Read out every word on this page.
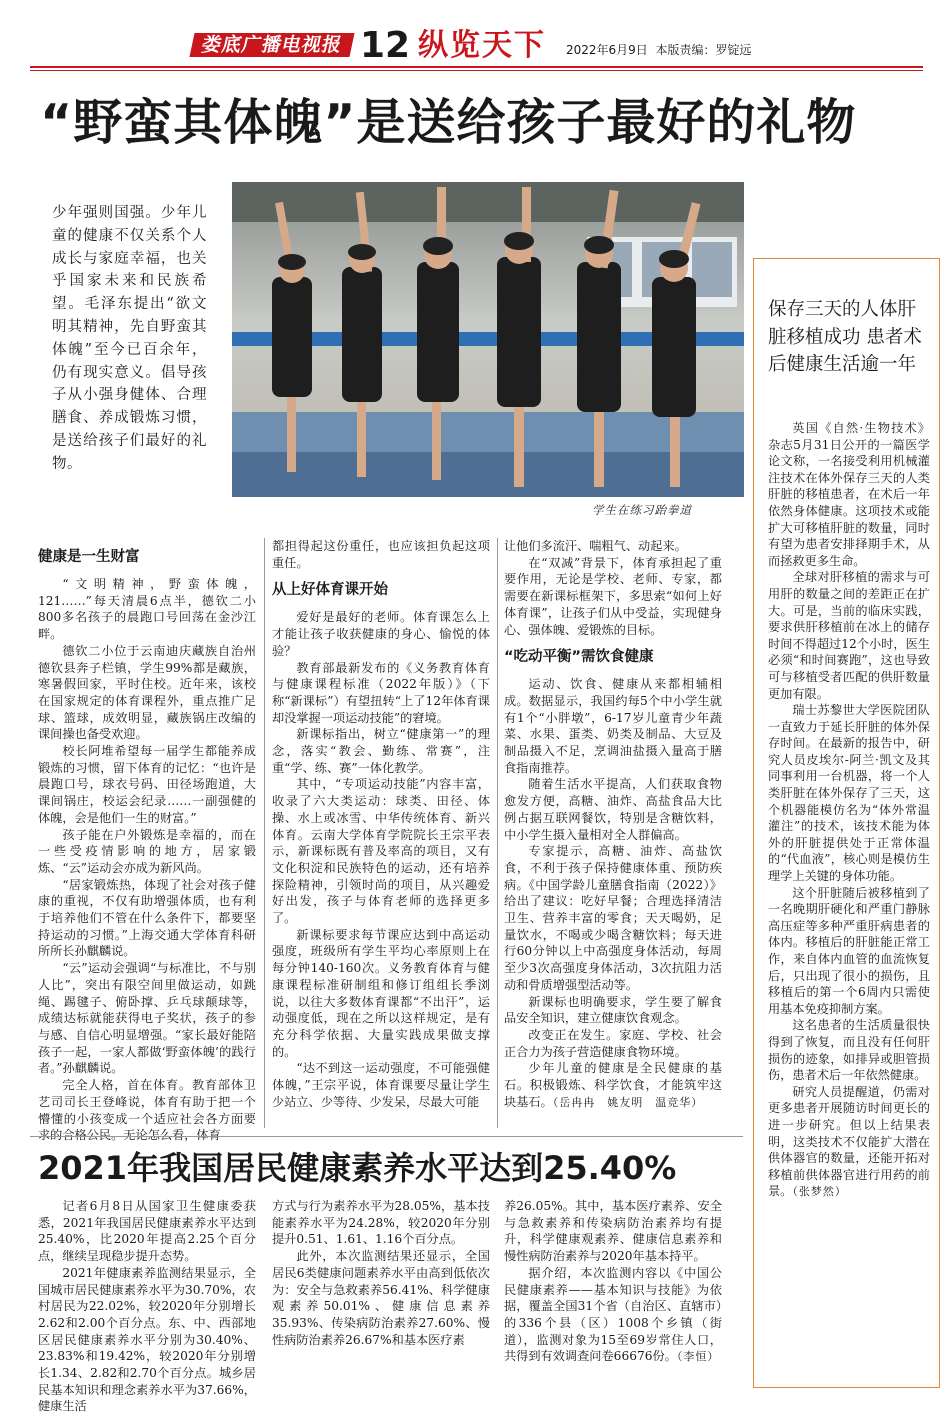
娄底广播电视报 12 纵览天下 2022年6月9日 本版责编：罗锭远
“野蛮其体魄”是送给孩子最好的礼物
少年强则国强。少年儿童的健康不仅关系个人成长与家庭幸福，也关乎国家未来和民族希望。毛泽东提出“欲文明其精神，先自野蛮其体魄”至今已百余年，仍有现实意义。倡导孩子从小强身健体、合理膳食、养成锻炼习惯，是送给孩子们最好的礼物。
学生在练习跆拳道
健康是一生财富

“文明精神，野蛮体魄，121……”每天清晨6点半，德钦二小800多名孩子的晨跑口号回荡在金沙江畔。

德钦二小位于云南迪庆藏族自治州德钦县奔子栏镇，学生99%都是藏族，寒暑假回家，平时住校。近年来，该校在国家规定的体育课程外，重点推广足球、篮球，成效明显，藏族锅庄改编的课间操也备受欢迎。

校长阿堆希望每一届学生都能养成锻炼的习惯，留下体育的记忆：“也许是晨跑口号，球衣号码、田径场跑道，大课间锅庄，校运会纪录……一副强健的体魄，会是他们一生的财富。”

孩子能在户外锻炼是幸福的，而在一些受疫情影响的地方，居家锻炼、“云”运动会亦成为新风尚。

“居家锻炼热，体现了社会对孩子健康的重视，不仅有助增强体质，也有利于培养他们不管在什么条件下，都要坚持运动的习惯。”上海交通大学体育科研所所长孙麒麟说。

“云”运动会强调“与标准比，不与别人比”，突出有限空间里做运动，如跳绳、踢毽子、俯卧撑、乒乓球颠球等，成绩达标就能获得电子奖状，孩子的参与感、自信心明显增强。“家长最好能陪孩子一起，一家人都做‘野蛮体魄’的践行者。”孙麒麟说。

完全人格，首在体育。教育部体卫艺司司长王登峰说，体育有助于把一个懵懂的小孩变成一个适应社会各方面要求的合格公民。无论怎么看，体育

都担得起这份重任，也应该担负起这项重任。

从上好体育课开始

爱好是最好的老师。体育课怎么上才能让孩子收获健康的身心、愉悦的体验？

教育部最新发布的《义务教育体育与健康课程标准（2022年版）》（下称“新课标”）有望扭转“上了12年体育课却没掌握一项运动技能”的窘境。

新课标指出，树立“健康第一”的理念，落实“教会、勤练、常赛”，注重“学、练、赛”一体化教学。

其中，“专项运动技能”内容丰富，收录了六大类运动：球类、田径、体操、水上或冰雪、中华传统体育、新兴体育。云南大学体育学院院长王宗平表示，新课标既有普及率高的项目，又有文化积淀和民族特色的运动，还有培养探险精神，引领时尚的项目，从兴趣爱好出发，孩子与体育老师的选择更多了。

新课标要求每节课应达到中高运动强度，班级所有学生平均心率原则上在每分钟140-160次。义务教育体育与健康课程标准研制组和修订组组长季浏说，以往大多数体育课都“不出汗”，运动强度低，现在之所以这样规定，是有充分科学依据、大量实践成果做支撑的。

“达不到这一运动强度，不可能强健体魄，”王宗平说，体育课要尽量让学生少站立、少等待、少发呆，尽最大可能

让他们多流汗、喘粗气、动起来。

在“双减”背景下，体育承担起了重要作用，无论是学校、老师、专家，都需要在新课标框架下，多思索“如何上好体育课”，让孩子们从中受益，实现健身心、强体魄、爱锻炼的目标。

“吃动平衡”需饮食健康

运动、饮食、健康从来都相辅相成。数据显示，我国约每5个中小学生就有1个“小胖墩”，6-17岁儿童青少年蔬菜、水果、蛋类、奶类及制品、大豆及制品摄入不足，烹调油盐摄入量高于膳食指南推荐。

随着生活水平提高，人们获取食物愈发方便，高糖、油炸、高盐食品大比例占据互联网餐饮，特别是含糖饮料，中小学生摄入量相对全人群偏高。

专家提示，高糖、油炸、高盐饮食，不利于孩子保持健康体重、预防疾病。《中国学龄儿童膳食指南（2022）》给出了建议：吃好早餐；合理选择清洁卫生、营养丰富的零食；天天喝奶，足量饮水，不喝或少喝含糖饮料；每天进行60分钟以上中高强度身体活动，每周至少3次高强度身体活动，3次抗阻力活动和骨质增强型活动等。

新课标也明确要求，学生要了解食品安全知识，建立健康饮食观念。

改变正在发生。家庭、学校、社会正合力为孩子营造健康食物环境。

少年儿童的健康是全民健康的基石。积极锻炼、科学饮食，才能筑牢这块基石。（岳冉冉　姚友明　温竞华）

保存三天的人体肝脏移植成功 患者术后健康生活逾一年

英国《自然·生物技术》杂志5月31日公开的一篇医学论文称，一名接受利用机械灌注技术在体外保存三天的人类肝脏的移植患者，在术后一年依然身体健康。这项技术或能扩大可移植肝脏的数量，同时有望为患者安排择期手术，从而拯救更多生命。

全球对肝移植的需求与可用肝的数量之间的差距正在扩大。可是，当前的临床实践，要求供肝移植前在冰上的储存时间不得超过12个小时，医生必须“和时间赛跑”，这也导致可与移植受者匹配的供肝数量更加有限。

瑞士苏黎世大学医院团队一直致力于延长肝脏的体外保存时间。在最新的报告中，研究人员皮埃尔-阿兰·凯文及其同事利用一台机器，将一个人类肝脏在体外保存了三天，这个机器能模仿名为“体外常温灌注”的技术，该技术能为体外的肝脏提供处于正常体温的“代血液”，核心则是模仿生理学上关键的身体功能。

这个肝脏随后被移植到了一名晚期肝硬化和严重门静脉高压症等多种严重肝病患者的体内。移植后的肝脏能正常工作，来自体内血管的血流恢复后，只出现了很小的损伤，且移植后的第一个6周内只需使用基本免疫抑制方案。

这名患者的生活质量很快得到了恢复，而且没有任何肝损伤的迹象，如排异或胆管损伤，患者术后一年依然健康。

研究人员提醒道，仍需对更多患者开展随访时间更长的进一步研究。但以上结果表明，这类技术不仅能扩大潜在供体器官的数量，还能开拓对移植前供体器官进行用药的前景。（张梦然）

2021年我国居民健康素养水平达到25.40%

记者6月8日从国家卫生健康委获悉，2021年我国居民健康素养水平达到25.40%，比2020年提高2.25个百分点，继续呈现稳步提升态势。

2021年健康素养监测结果显示，全国城市居民健康素养水平为30.70%，农村居民为22.02%，较2020年分别增长2.62和2.00个百分点。东、中、西部地区居民健康素养水平分别为30.40%、23.83%和19.42%，较2020年分别增长1.34、2.82和2.70个百分点。城乡居民基本知识和理念素养水平为37.66%，健康生活

方式与行为素养水平为28.05%，基本技能素养水平为24.28%，较2020年分别提升0.51、1.61、1.16个百分点。

此外，本次监测结果还显示，全国居民6类健康问题素养水平由高到低依次为：安全与急救素养56.41%、科学健康观素养50.01%、健康信息素养35.93%、传染病防治素养27.60%、慢性病防治素养26.67%和基本医疗素

养26.05%。其中，基本医疗素养、安全与急救素养和传染病防治素养均有提升，科学健康观素养、健康信息素养和慢性病防治素养与2020年基本持平。

据介绍，本次监测内容以《中国公民健康素养——基本知识与技能》为依据，覆盖全国31个省（自治区、直辖市）的336个县（区）1008个乡镇（街道），监测对象为15至69岁常住人口，共得到有效调查问卷66676份。（李恒）
